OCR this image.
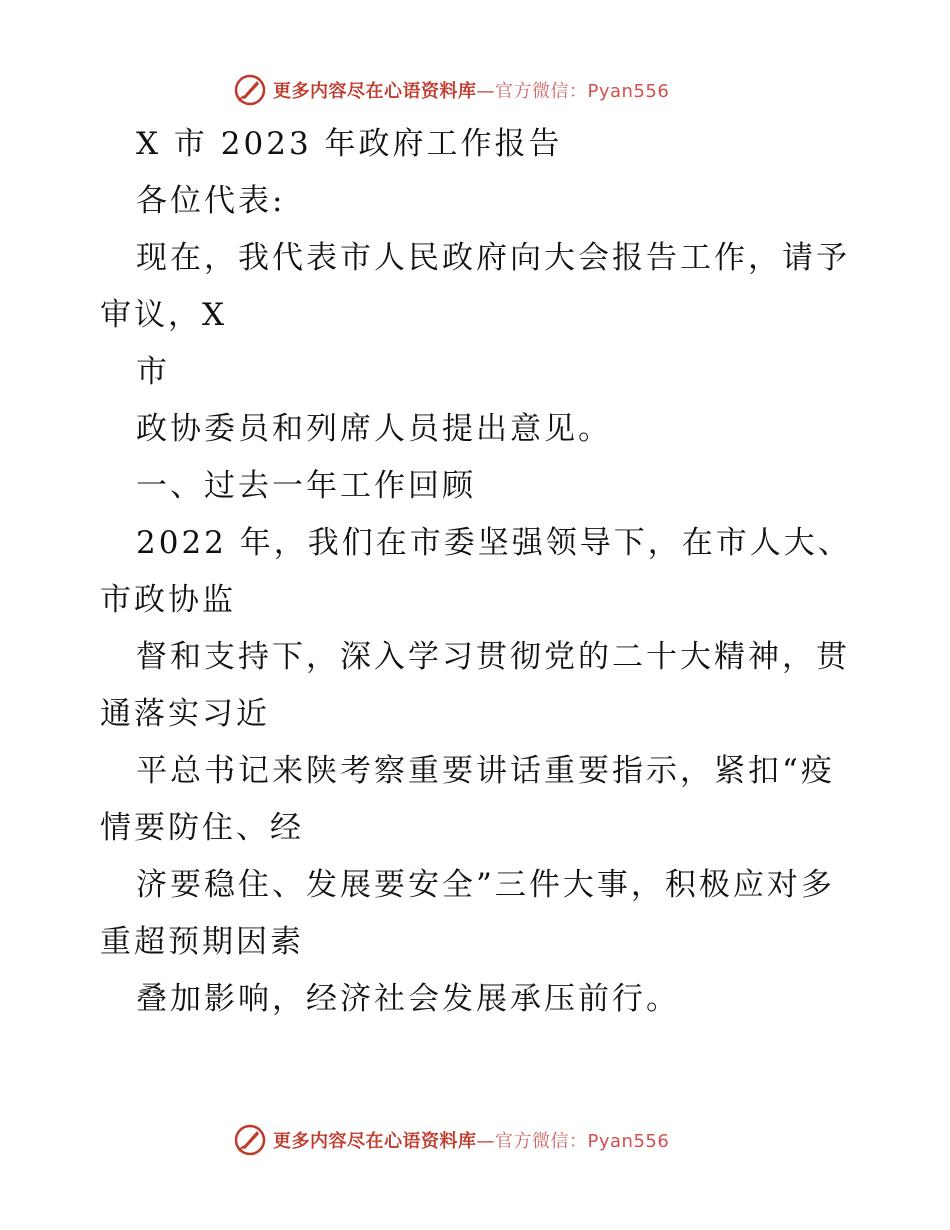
更多内容尽在心语资料库—官方微信：Pyan556
X 市 2023 年政府工作报告
各位代表:
现在，我代表市人民政府向大会报告工作，请予
审议，X
市
政协委员和列席人员提出意见。
一、过去一年工作回顾
2022 年，我们在市委坚强领导下，在市人大、
市政协监
督和支持下，深入学习贯彻党的二十大精神，贯
通落实习近
平总书记来陕考察重要讲话重要指示，紧扣“疫
情要防住、经
济要稳住、发展要安全”三件大事，积极应对多
重超预期因素
叠加影响，经济社会发展承压前行。
更多内容尽在心语资料库—官方微信：Pyan556
